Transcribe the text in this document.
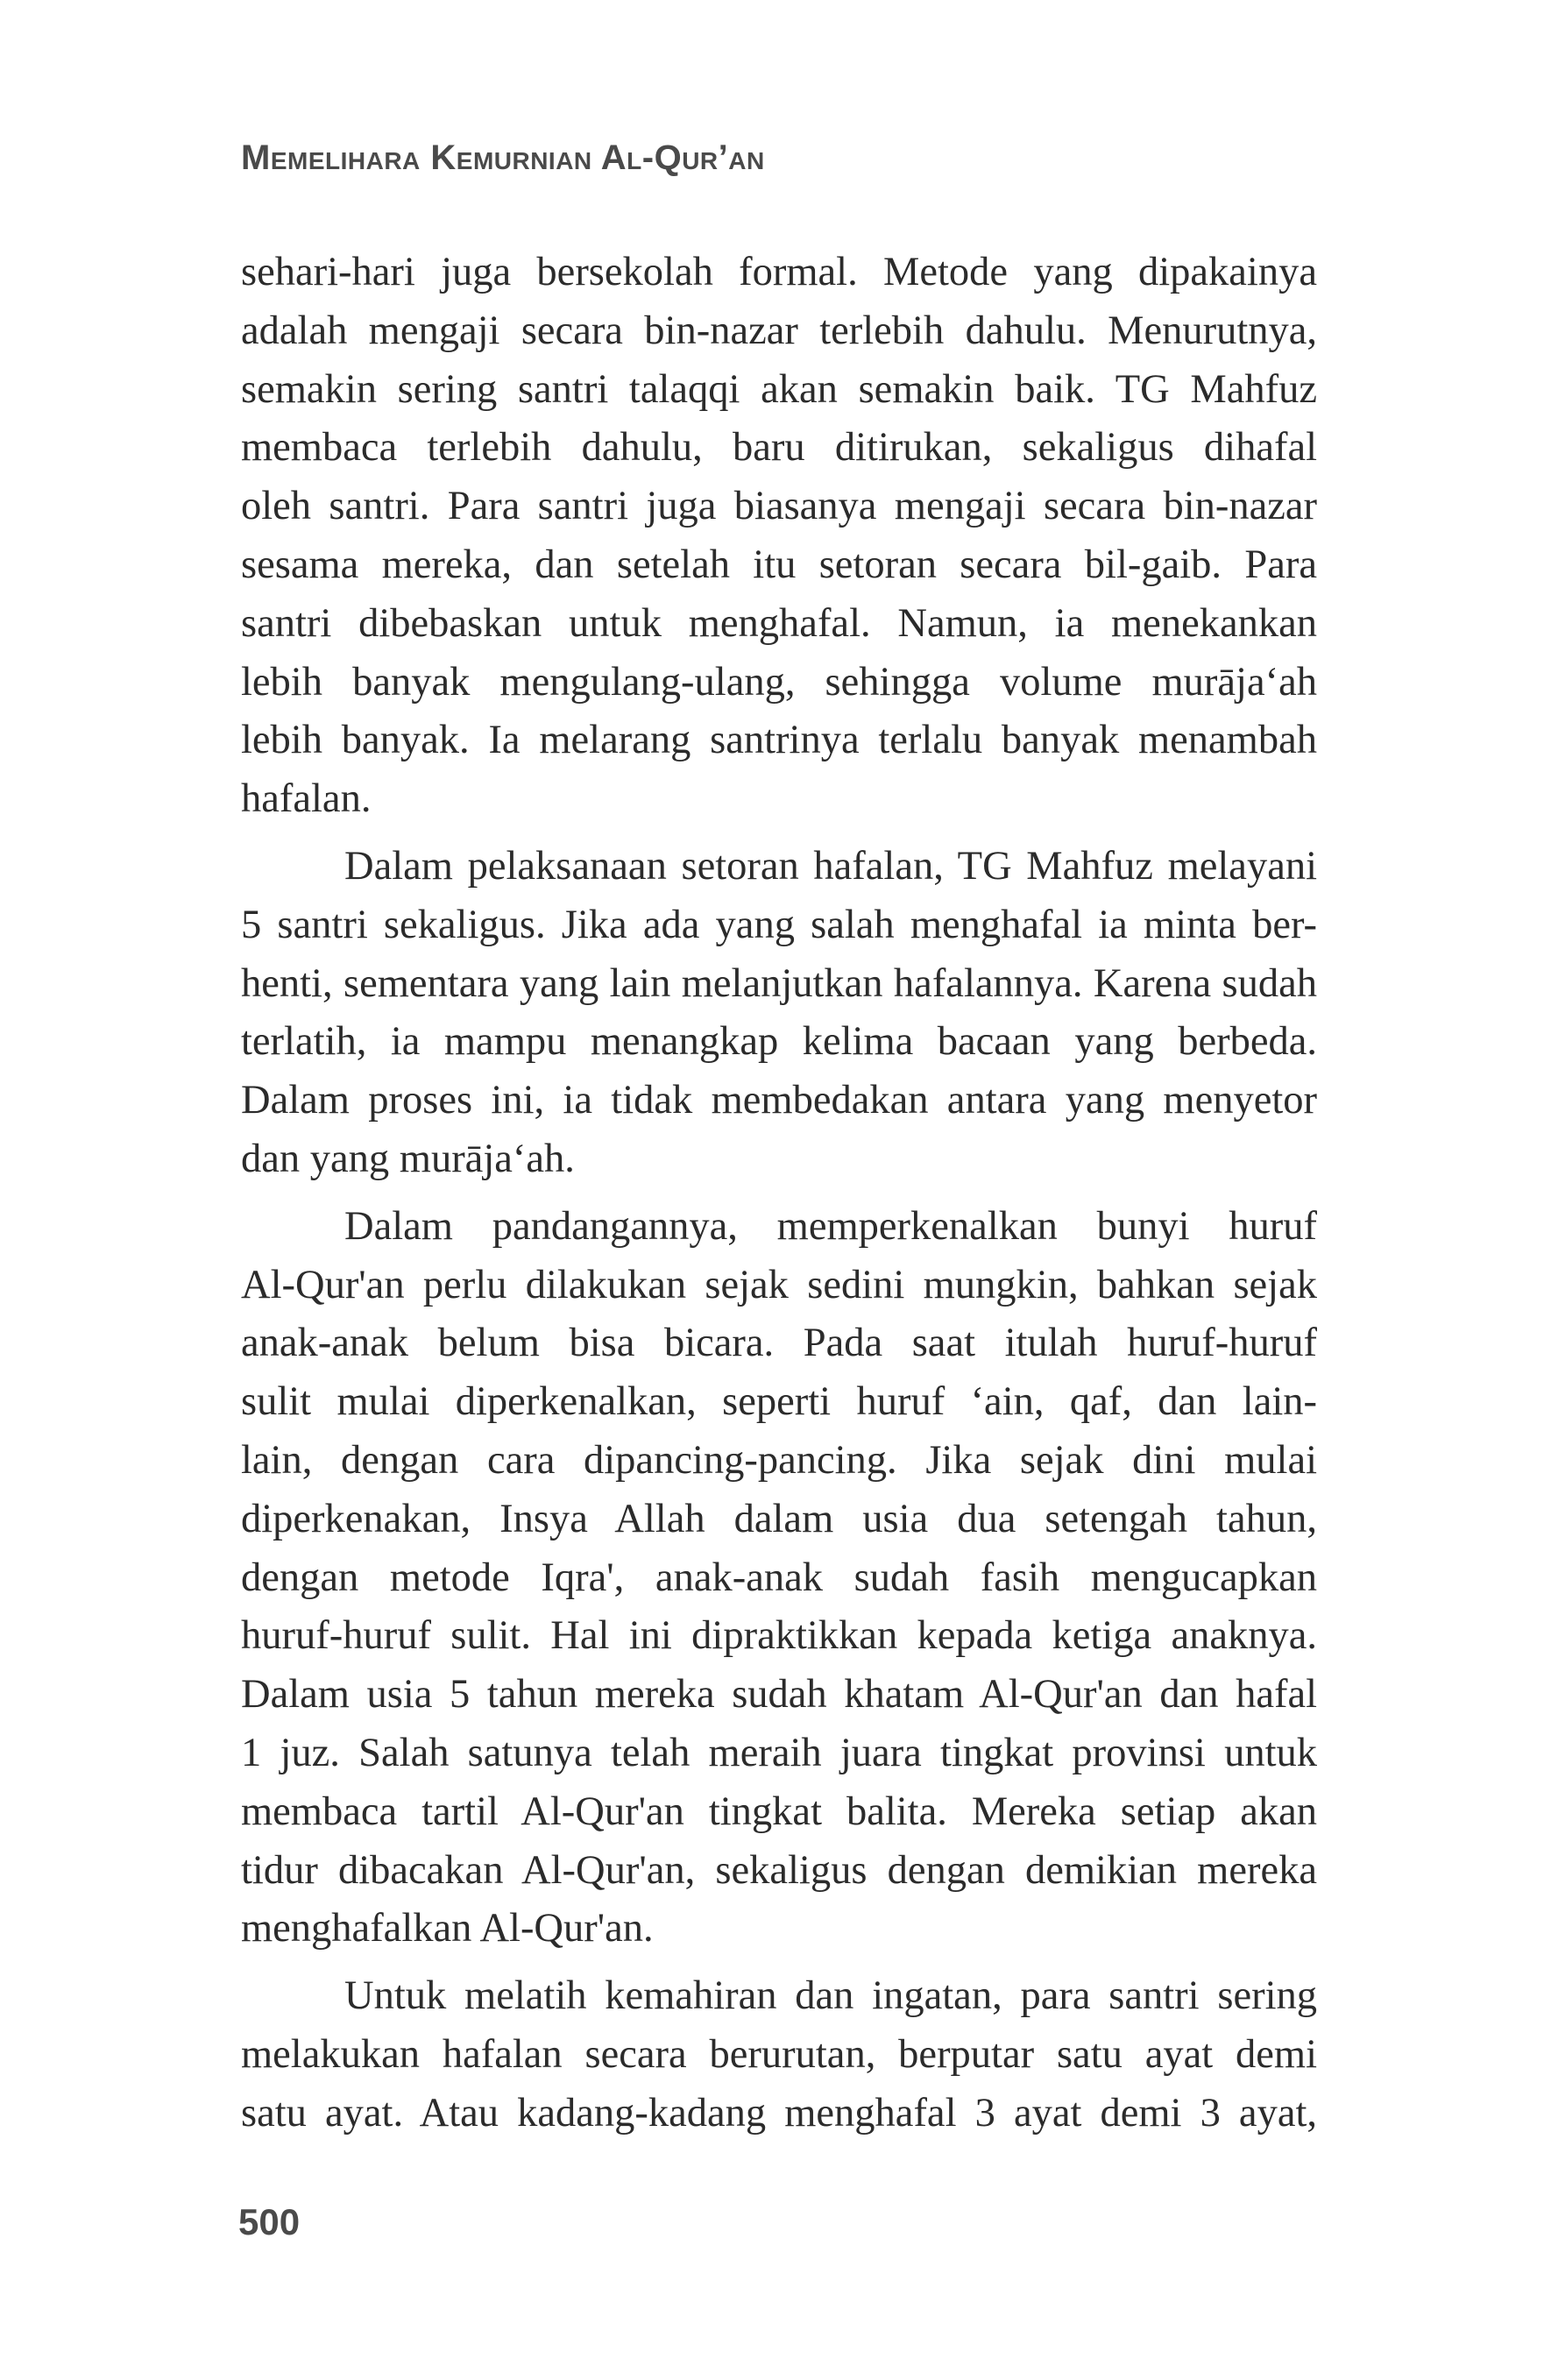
Memelihara Kemurnian Al-Qur’an

sehari-hari juga bersekolah formal. Metode yang dipakainya
adalah mengaji secara bin-nazar terlebih dahulu. Menurutnya,
semakin sering santri talaqqi akan semakin baik. TG Mahfuz
membaca terlebih dahulu, baru ditirukan, sekaligus dihafal
oleh santri. Para santri juga biasanya mengaji secara bin-nazar
sesama mereka, dan setelah itu setoran secara bil-gaib. Para
santri dibebaskan untuk menghafal. Namun, ia menekankan
lebih banyak mengulang-ulang, sehingga volume murāja‘ah
lebih banyak. Ia melarang santrinya terlalu banyak menambah
hafalan.

Dalam pelaksanaan setoran hafalan, TG Mahfuz melayani
5 santri sekaligus. Jika ada yang salah menghafal ia minta ber-
henti, sementara yang lain melanjutkan hafalannya. Karena sudah
terlatih, ia mampu menangkap kelima bacaan yang berbeda.
Dalam proses ini, ia tidak membedakan antara yang menyetor
dan yang murāja‘ah.

Dalam pandangannya, memperkenalkan bunyi huruf
Al-Qur'an perlu dilakukan sejak sedini mungkin, bahkan sejak
anak-anak belum bisa bicara. Pada saat itulah huruf-huruf
sulit mulai diperkenalkan, seperti huruf ‘ain, qaf, dan lain-
lain, dengan cara dipancing-pancing. Jika sejak dini mulai
diperkenakan, Insya Allah dalam usia dua setengah tahun,
dengan metode Iqra', anak-anak sudah fasih mengucapkan
huruf-huruf sulit. Hal ini dipraktikkan kepada ketiga anaknya.
Dalam usia 5 tahun mereka sudah khatam Al-Qur'an dan hafal
1 juz. Salah satunya telah meraih juara tingkat provinsi untuk
membaca tartil Al-Qur'an tingkat balita. Mereka setiap akan
tidur dibacakan Al-Qur'an, sekaligus dengan demikian mereka
menghafalkan Al-Qur'an.

Untuk melatih kemahiran dan ingatan, para santri sering
melakukan hafalan secara berurutan, berputar satu ayat demi
satu ayat. Atau kadang-kadang menghafal 3 ayat demi 3 ayat,

500
